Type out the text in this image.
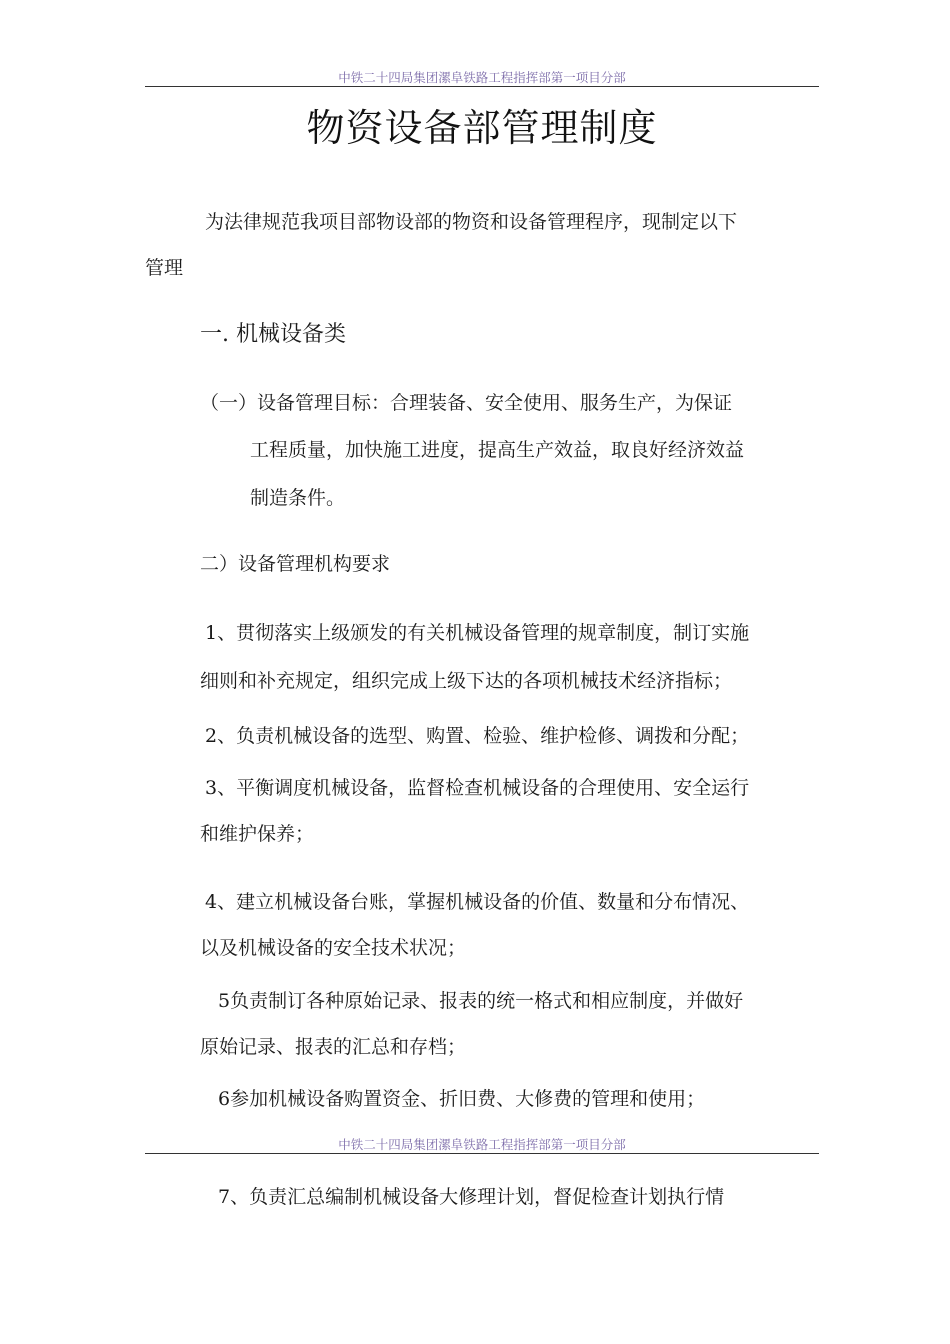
中铁二十四局集团漯阜铁路工程指挥部第一项目分部
物资设备部管理制度
为法律规范我项目部物设部的物资和设备管理程序，现制定以下
管理
一. 机械设备类
（一）设备管理目标：合理装备、安全使用、服务生产，为保证
工程质量，加快施工进度，提高生产效益，取良好经济效益
制造条件。
二）设备管理机构要求
1、贯彻落实上级颁发的有关机械设备管理的规章制度，制订实施
细则和补充规定，组织完成上级下达的各项机械技术经济指标；
2、负责机械设备的选型、购置、检验、维护检修、调拨和分配；
3、平衡调度机械设备，监督检查机械设备的合理使用、安全运行
和维护保养；
4、建立机械设备台账，掌握机械设备的价值、数量和分布情况、
以及机械设备的安全技术状况；
5负责制订各种原始记录、报表的统一格式和相应制度，并做好
原始记录、报表的汇总和存档；
6参加机械设备购置资金、折旧费、大修费的管理和使用；
中铁二十四局集团漯阜铁路工程指挥部第一项目分部
7、负责汇总编制机械设备大修理计划，督促检查计划执行情
